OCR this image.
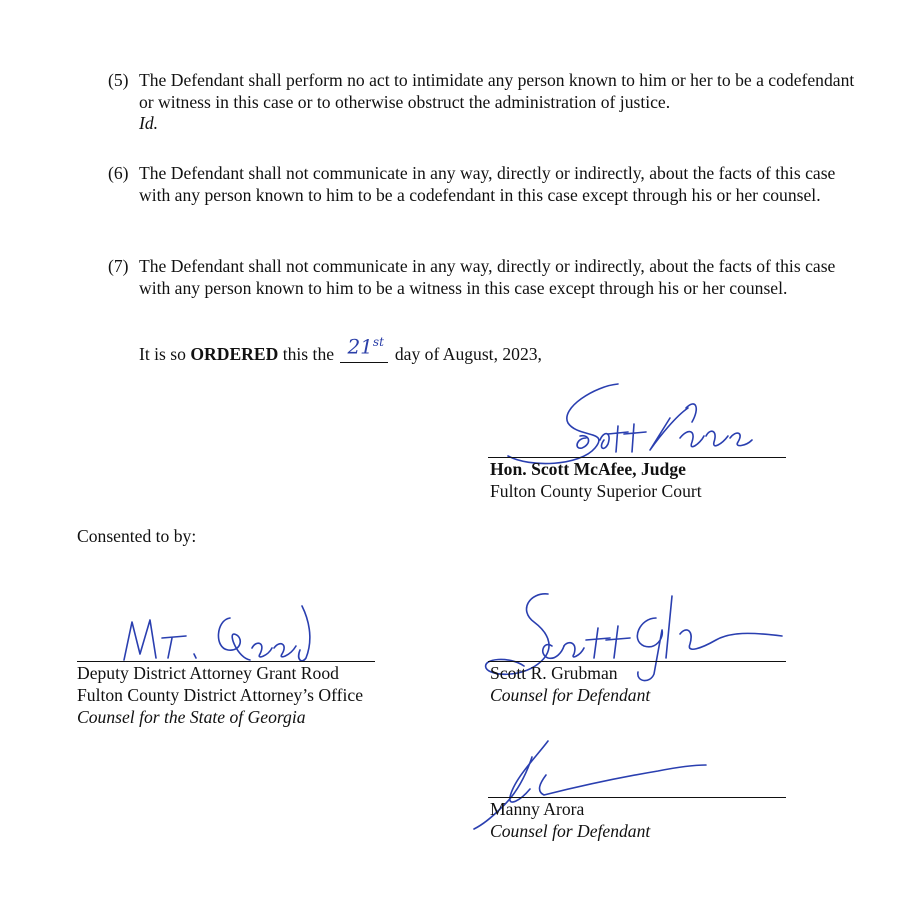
(5) The Defendant shall perform no act to intimidate any person known to him or her to be a codefendant or witness in this case or to otherwise obstruct the administration of justice.
Id.
(6) The Defendant shall not communicate in any way, directly or indirectly, about the facts of this case with any person known to him to be a codefendant in this case except through his or her counsel.
(7) The Defendant shall not communicate in any way, directly or indirectly, about the facts of this case with any person known to him to be a witness in this case except through his or her counsel.
It is so ORDERED this the 21st
day of August, 2023,
Hon. Scott McAfee, Judge
Fulton County Superior Court
Consented to by:
Deputy District Attorney Grant Rood
Fulton County District Attorney’s Office
Counsel for the State of Georgia
Scott R. Grubman
Counsel for Defendant
Manny Arora
Counsel for Defendant
